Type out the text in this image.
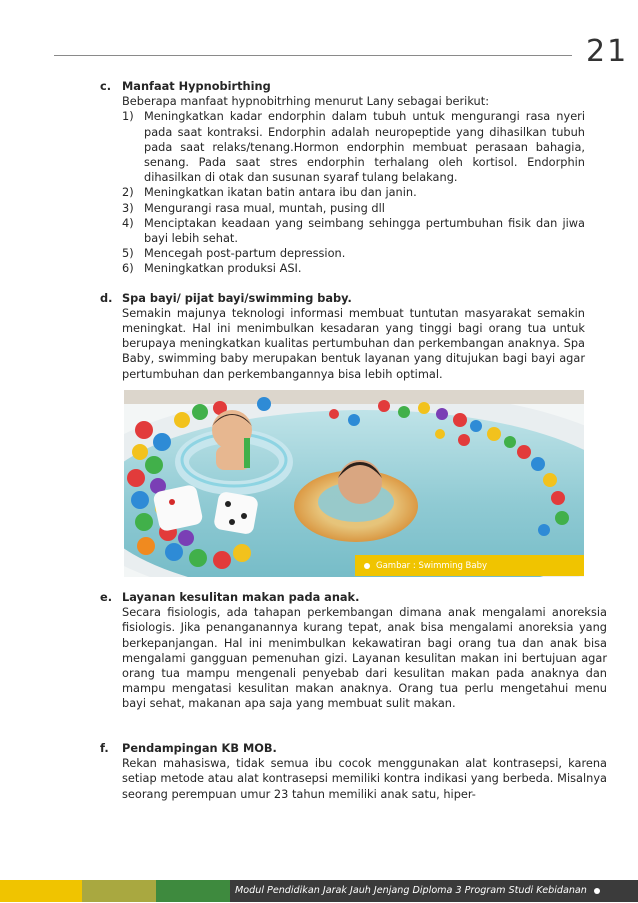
21
c. Manfaat Hypnobirthing

Beberapa manfaat hypnobitrhing menurut Lany sebagai berikut:

1) Meningkatkan kadar endorphin dalam tubuh untuk mengurangi rasa nyeri pada saat kontraksi. Endorphin adalah neuropeptide yang dihasilkan tubuh pada saat relaks/tenang.Hormon endorphin membuat perasaan bahagia, senang. Pada saat stres endorphin terhalang oleh kortisol. Endorphin dihasilkan di otak dan susunan syaraf tulang belakang.
2) Meningkatkan ikatan batin antara ibu dan janin.
3) Mengurangi rasa mual, muntah, pusing dll
4) Menciptakan keadaan yang seimbang sehingga pertumbuhan fisik dan jiwa bayi lebih sehat.
5) Mencegah post-partum depression.
6) Meningkatkan produksi ASI.
d. Spa bayi/ pijat bayi/swimming baby.

Semakin majunya teknologi informasi membuat tuntutan masyarakat semakin meningkat. Hal ini menimbulkan kesadaran yang tinggi bagi orang tua untuk berupaya meningkatkan kualitas pertumbuhan dan perkembangan anaknya. Spa Baby, swimming baby merupakan bentuk layanan yang ditujukan bagi bayi agar pertumbuhan dan perkembangannya bisa lebih optimal.

Gambar : Swimming Baby
e. Layanan kesulitan makan pada anak.

Secara fisiologis, ada tahapan perkembangan dimana anak mengalami anoreksia fisiologis. Jika penanganannya kurang tepat, anak bisa mengalami anoreksia yang berkepanjangan. Hal ini menimbulkan kekawatiran bagi orang tua dan anak bisa mengalami gangguan pemenuhan gizi. Layanan kesulitan makan ini bertujuan agar orang tua mampu mengenali penyebab dari kesulitan makan pada anaknya dan mampu mengatasi kesulitan makan anaknya. Orang tua perlu mengetahui menu bayi sehat, makanan apa saja yang membuat sulit makan.

f. Pendampingan KB MOB.

Rekan mahasiswa, tidak semua ibu cocok menggunakan alat kontrasepsi, karena setiap metode atau alat kontrasepsi memiliki kontra indikasi yang berbeda. Misalnya seorang perempuan umur 23 tahun memiliki anak satu, hiper-

Modul Pendidikan Jarak Jauh Jenjang Diploma 3 Program Studi Kebidanan
